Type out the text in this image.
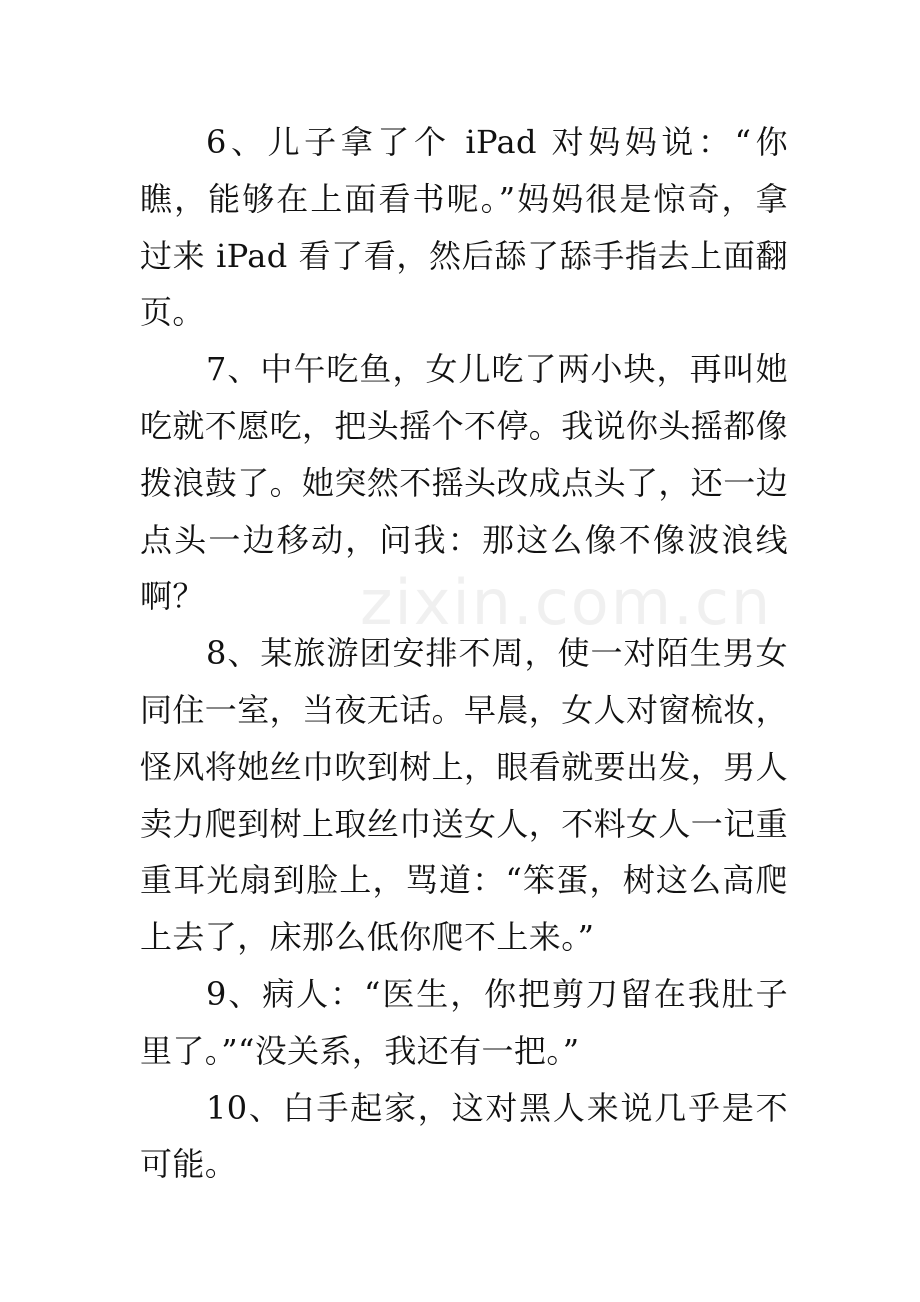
6、儿子拿了个 iPad 对妈妈说：“你瞧，能够在上面看书呢。”妈妈很是惊奇，拿过来 iPad 看了看，然后舔了舔手指去上面翻页。

7、中午吃鱼，女儿吃了两小块，再叫她吃就不愿吃，把头摇个不停。我说你头摇都像拨浪鼓了。她突然不摇头改成点头了，还一边点头一边移动，问我：那这么像不像波浪线啊？

8、某旅游团安排不周，使一对陌生男女同住一室，当夜无话。早晨，女人对窗梳妆，怪风将她丝巾吹到树上，眼看就要出发，男人卖力爬到树上取丝巾送女人，不料女人一记重重耳光扇到脸上，骂道：“笨蛋，树这么高爬上去了，床那么低你爬不上来。”

9、病人：“医生，你把剪刀留在我肚子里了。”“没关系，我还有一把。”

10、白手起家，这对黑人来说几乎是不可能。

zixin.com.cn
